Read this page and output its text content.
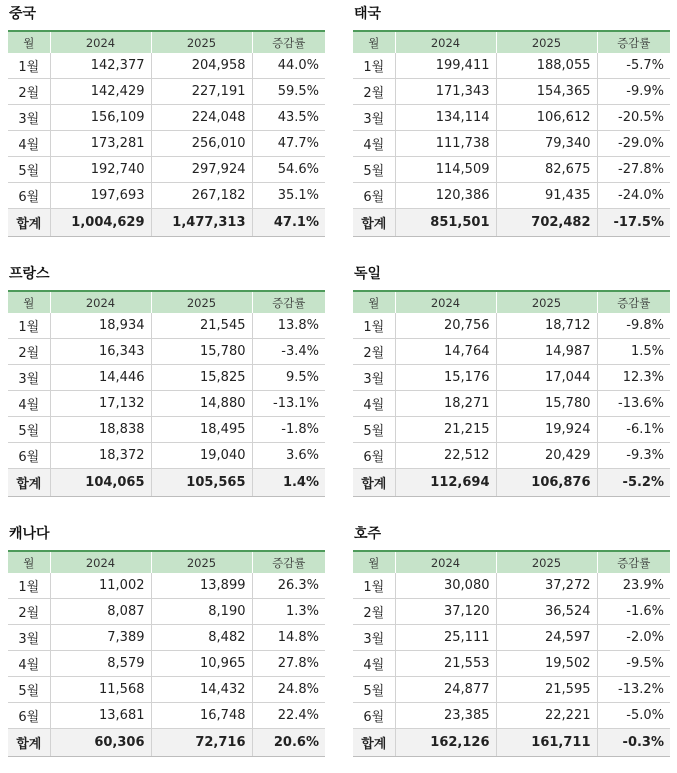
중국
월	2024	2025	증감률
1월	142,377	204,958	44.0%
2월	142,429	227,191	59.5%
3월	156,109	224,048	43.5%
4월	173,281	256,010	47.7%
5월	192,740	297,924	54.6%
6월	197,693	267,182	35.1%
합계	1,004,629	1,477,313	47.1%
태국
월	2024	2025	증감률
1월	199,411	188,055	-5.7%
2월	171,343	154,365	-9.9%
3월	134,114	106,612	-20.5%
4월	111,738	79,340	-29.0%
5월	114,509	82,675	-27.8%
6월	120,386	91,435	-24.0%
합계	851,501	702,482	-17.5%
프랑스
월	2024	2025	증감률
1월	18,934	21,545	13.8%
2월	16,343	15,780	-3.4%
3월	14,446	15,825	9.5%
4월	17,132	14,880	-13.1%
5월	18,838	18,495	-1.8%
6월	18,372	19,040	3.6%
합계	104,065	105,565	1.4%
독일
월	2024	2025	증감률
1월	20,756	18,712	-9.8%
2월	14,764	14,987	1.5%
3월	15,176	17,044	12.3%
4월	18,271	15,780	-13.6%
5월	21,215	19,924	-6.1%
6월	22,512	20,429	-9.3%
합계	112,694	106,876	-5.2%
캐나다
월	2024	2025	증감률
1월	11,002	13,899	26.3%
2월	8,087	8,190	1.3%
3월	7,389	8,482	14.8%
4월	8,579	10,965	27.8%
5월	11,568	14,432	24.8%
6월	13,681	16,748	22.4%
합계	60,306	72,716	20.6%
호주
월	2024	2025	증감률
1월	30,080	37,272	23.9%
2월	37,120	36,524	-1.6%
3월	25,111	24,597	-2.0%
4월	21,553	19,502	-9.5%
5월	24,877	21,595	-13.2%
6월	23,385	22,221	-5.0%
합계	162,126	161,711	-0.3%
